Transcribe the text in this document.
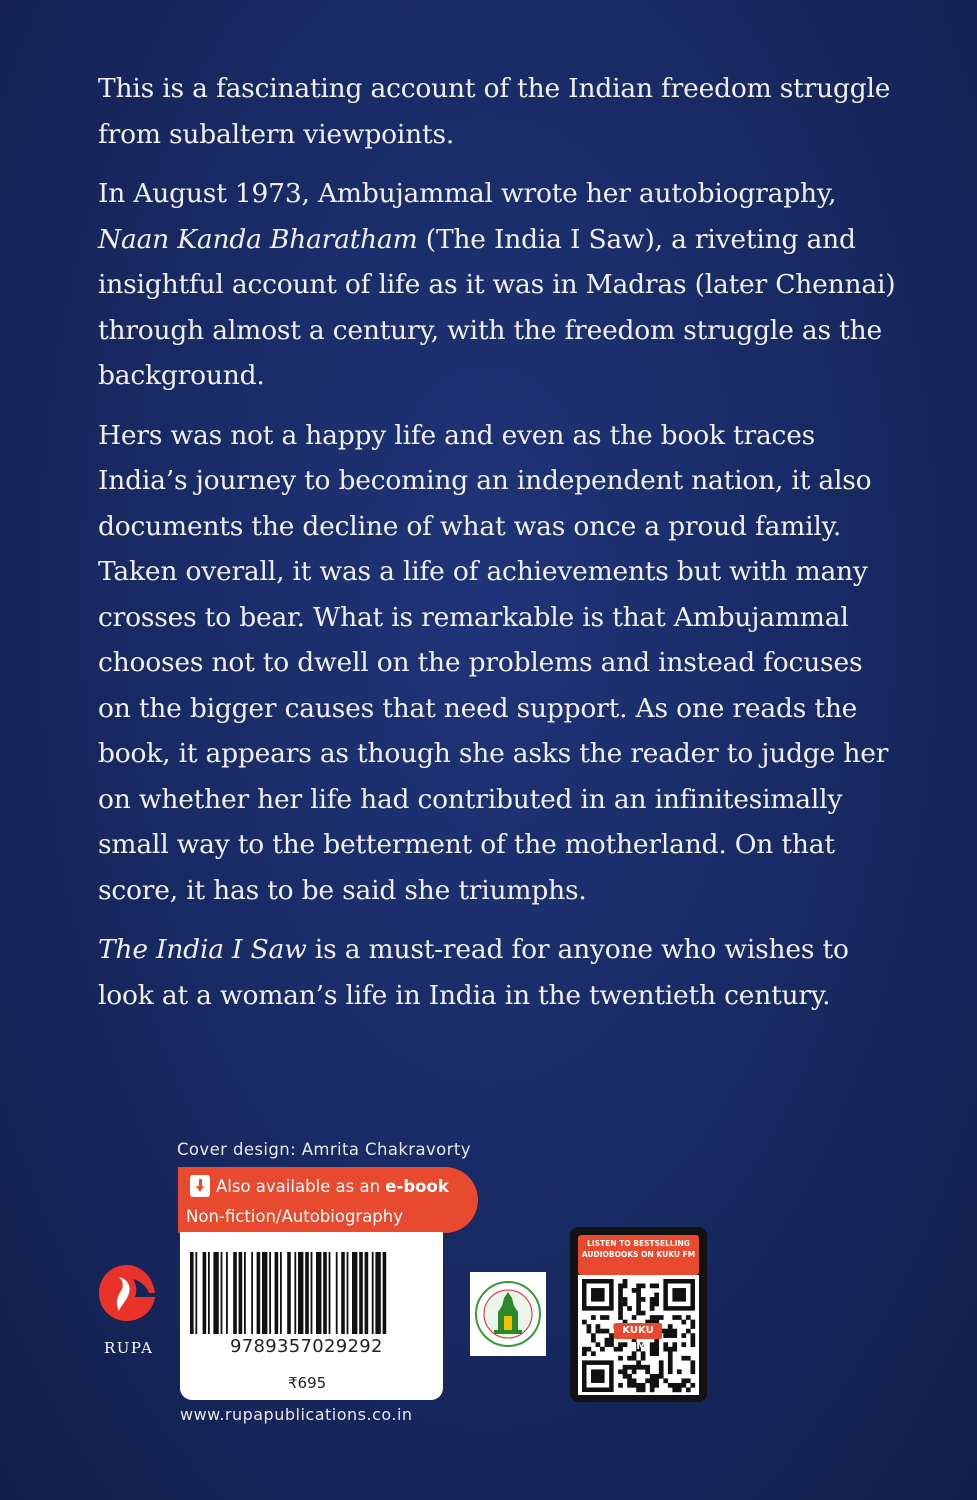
This is a fascinating account of the Indian freedom struggle from subaltern viewpoints.

In August 1973, Ambujammal wrote her autobiography, Naan Kanda Bharatham (The India I Saw), a riveting and insightful account of life as it was in Madras (later Chennai) through almost a century, with the freedom struggle as the background.

Hers was not a happy life and even as the book traces India’s journey to becoming an independent nation, it also documents the decline of what was once a proud family. Taken overall, it was a life of achievements but with many crosses to bear. What is remarkable is that Ambujammal chooses not to dwell on the problems and instead focuses on the bigger causes that need support. As one reads the book, it appears as though she asks the reader to judge her on whether her life had contributed in an infinitesimally small way to the betterment of the motherland. On that score, it has to be said she triumphs.

The India I Saw is a must-read for anyone who wishes to look at a woman’s life in India in the twentieth century.

Cover design: Amrita Chakravorty
Also available as an e-book
Non-fiction/Autobiography
9789357029292
₹695
www.rupapublications.co.in
RUPA
LISTEN TO BESTSELLING AUDIOBOOKS ON KUKU FM
KUKU FM
